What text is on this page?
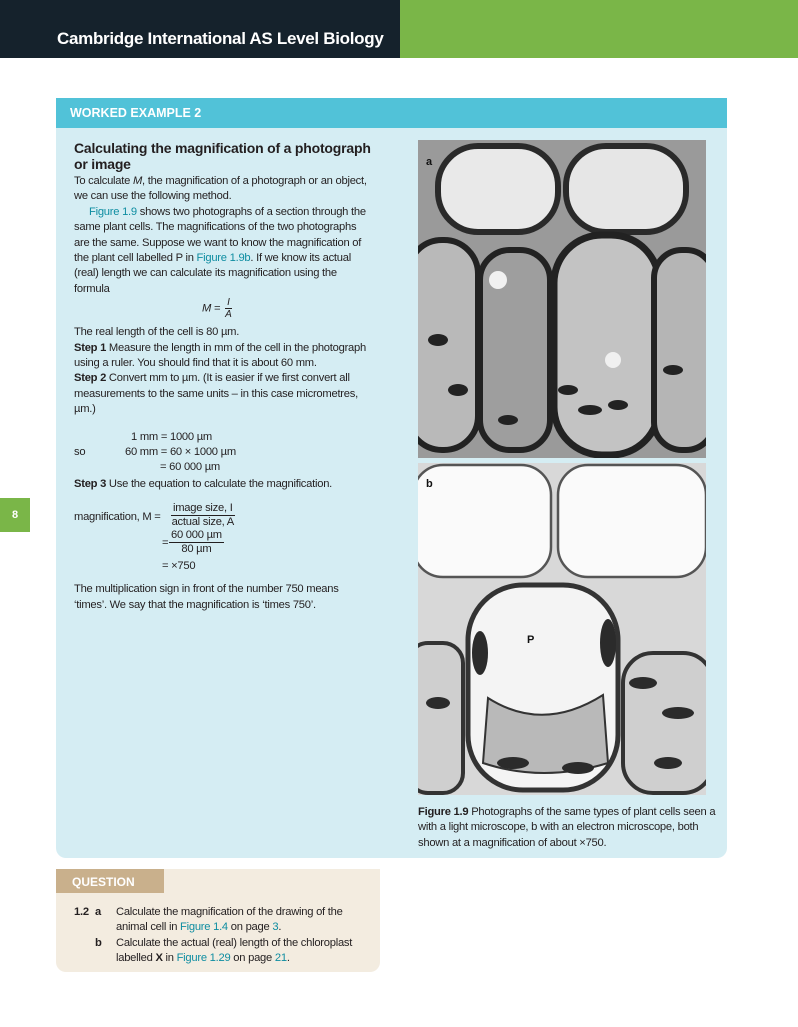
Cambridge International AS Level Biology
8
WORKED EXAMPLE 2

Calculating the magnification of a photograph or image

To calculate M, the magnification of a photograph or an object, we can use the following method.

Figure 1.9 shows two photographs of a section through the same plant cells. The magnifications of the two photographs are the same. Suppose we want to know the magnification of the plant cell labelled P in Figure 1.9b. If we know its actual (real) length we can calculate its magnification using the formula

$M = \frac{I}{A}$

The real length of the cell is 80 µm.

Step 1 Measure the length in mm of the cell in the photograph using a ruler. You should find that it is about 60 mm.

Step 2 Convert mm to µm. (It is easier if we first convert all measurements to the same units – in this case micrometres, µm.)

1 mm = 1000 µm
so	60 mm = 60 × 1000 µm
= 60 000 µm

Step 3 Use the equation to calculate the magnification.

magnification, M =
image size, I
actual size, A
=
60 000 µm
80 µm
= ×750

The multiplication sign in front of the number 750 means ‘times’. We say that the magnification is ‘times 750’.

a
b
P
Figure 1.9 Photographs of the same types of plant cells seen a with a light microscope, b with an electron microscope, both shown at a magnification of about ×750.
QUESTION
1.2 a Calculate the magnification of the drawing of the animal cell in Figure 1.4 on page 3.
b Calculate the actual (real) length of the chloroplast labelled X in Figure 1.29 on page 21.
